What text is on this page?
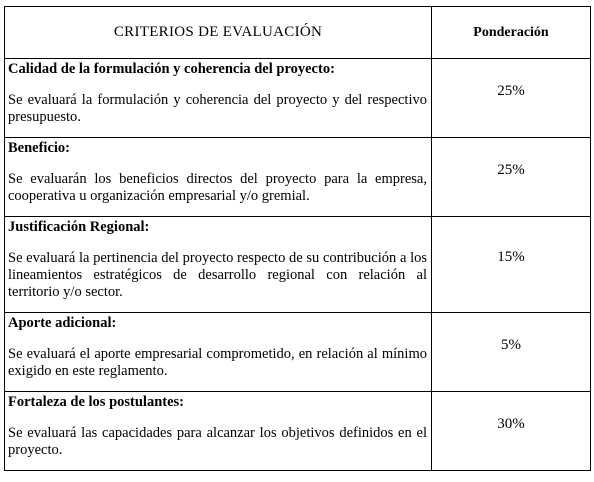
CRITERIOS DE EVALUACIÓN	Ponderación

Calidad de la formulación y coherencia del proyecto:

Se evaluará la formulación y coherencia del proyecto y del respectivo presupuesto.	25%

Beneficio:

Se evaluarán los beneficios directos del proyecto para la empresa, cooperativa u organización empresarial y/o gremial.	25%

Justificación Regional:

Se evaluará la pertinencia del proyecto respecto de su contribución a los lineamientos estratégicos de desarrollo regional con relación al territorio y/o sector.	15%

Aporte adicional:

Se evaluará el aporte empresarial comprometido, en relación al mínimo exigido en este reglamento.	5%

Fortaleza de los postulantes:

Se evaluará las capacidades para alcanzar los objetivos definidos en el proyecto.	30%
